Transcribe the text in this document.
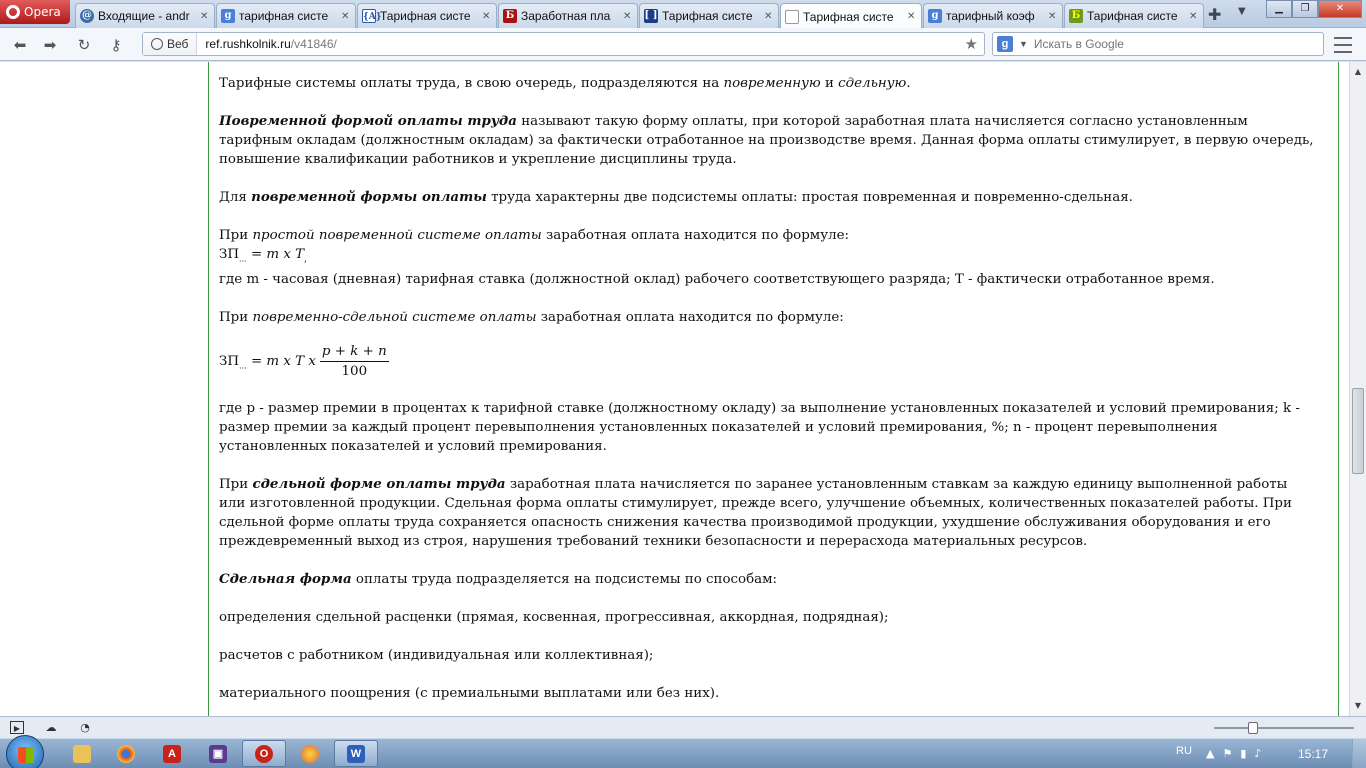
Opera @ Входящие - andr	✕	g тарифная систе	✕ {A}
Тарифная систе	✕ Б Заработная пла	✕ [ ] Тарифная систе	✕	Тарифная систе	✕	g тарифный коэф	✕ Б Тарифная систе	✕ ✚ ▼	▁	❐	✕
⬅ ➡ ↻	⚷	Веб	ref.rushkolnik.ru/v41846/	★	g	▼
Искать в Google

Тарифные системы оплаты труда, в свою очередь, подразделяются на повременную и сдельную.

Повременной формой оплаты труда называют такую форму оплаты, при которой заработная плата начисляется согласно установленным тарифным окладам (должностным окладам) за фактически отработанное на производстве время. Данная форма оплаты стимулирует, в первую очередь, повышение квалификации работников и укрепление дисциплины труда.

Для повременной формы оплаты труда характерны две подсистемы оплаты: простая повременная и повременно-сдельная.

При простой повременной системе оплаты заработная оплата находится по формуле:

$ЗП_{...} = m$ x $T_,$

где m - часовая (дневная) тарифная ставка (должностной оклад) рабочего соответствующего разряда; T - фактически отработанное время.

При повременно-сдельной системе оплаты заработная оплата находится по формуле:

$ЗП_{...} = m$ x T x $\frac{p + k + n}{100}$

где p - размер премии в процентах к тарифной ставке (должностному окладу) за выполнение установленных показателей и условий премирования; k - размер премии за каждый процент перевыполнения установленных показателей и условий премирования, %; n - процент перевыполнения установленных показателей и условий премирования.

При сдельной форме оплаты труда заработная плата начисляется по заранее установленным ставкам за каждую единицу выполненной работы или изготовленной продукции. Сдельная форма оплаты стимулирует, прежде всего, улучшение объемных, количественных показателей работы. При сдельной форме оплаты труда сохраняется опасность снижения качества производимой продукции, ухудшение обслуживания оборудования и его преждевременный выход из строя, нарушения требований техники безопасности и перерасхода материальных ресурсов.

Сдельная форма оплаты труда подразделяется на подсистемы по способам:

определения сдельной расценки (прямая, косвенная, прогрессивная, аккордная, подрядная);

расчетов с работником (индивидуальная или коллективная);

материального поощрения (с премиальными выплатами или без них).

▲
▼
▶	☁ ◔
A	▣	O	W	RU ▲ ⚑ ▮ ♪	15:17
